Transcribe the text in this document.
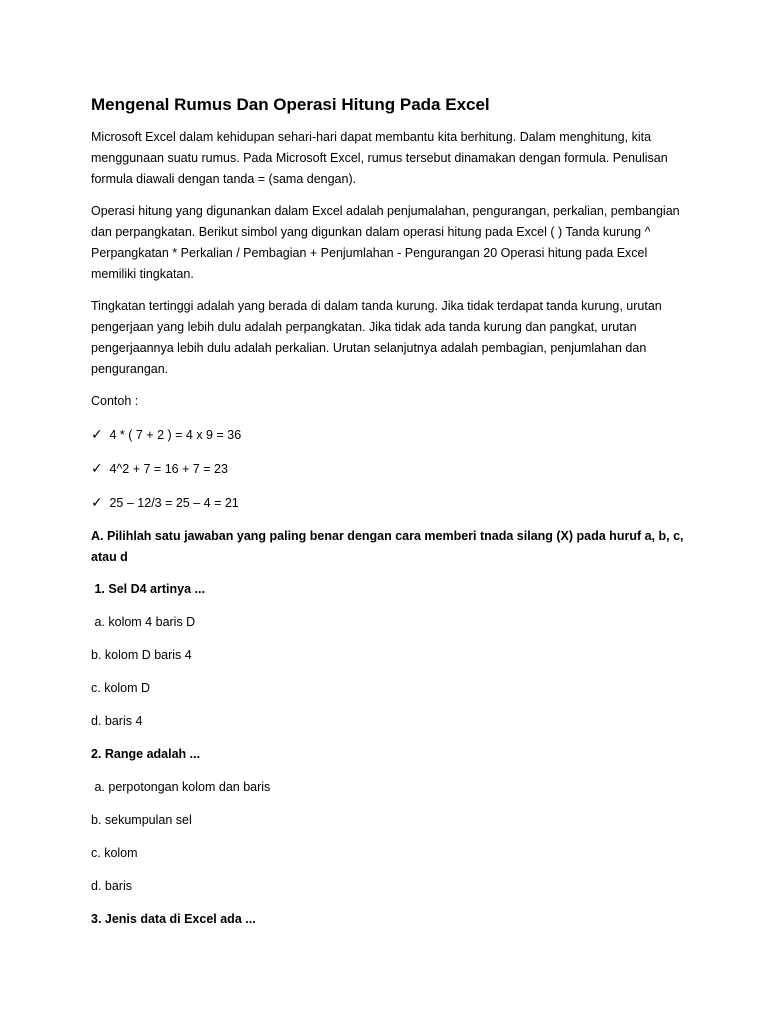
Mengenal Rumus Dan Operasi Hitung Pada Excel

Microsoft Excel dalam kehidupan sehari-hari dapat membantu kita berhitung. Dalam menghitung, kita menggunaan suatu rumus. Pada Microsoft Excel, rumus tersebut dinamakan dengan formula. Penulisan formula diawali dengan tanda = (sama dengan).

Operasi hitung yang digunankan dalam Excel adalah penjumalahan, pengurangan, perkalian, pembangian dan perpangkatan. Berikut simbol yang digunkan dalam operasi hitung pada Excel ( ) Tanda kurung ^ Perpangkatan * Perkalian / Pembagian + Penjumlahan - Pengurangan 20 Operasi hitung pada Excel memiliki tingkatan.

Tingkatan tertinggi adalah yang berada di dalam tanda kurung. Jika tidak terdapat tanda kurung, urutan pengerjaan yang lebih dulu adalah perpangkatan. Jika tidak ada tanda kurung dan pangkat, urutan pengerjaannya lebih dulu adalah perkalian. Urutan selanjutnya adalah pembagian, penjumlahan dan pengurangan.

Contoh :
✓ 4 * ( 7 + 2 ) = 4 x 9 = 36
✓ 4^2 + 7 = 16 + 7 = 23
✓ 25 – 12/3 = 25 – 4 = 21

A. Pilihlah satu jawaban yang paling benar dengan cara memberi tnada silang (X) pada huruf a, b, c, atau d

1. Sel D4 artinya ...
a. kolom 4 baris D
b. kolom D baris 4
c. kolom D
d. baris 4
2. Range adalah ...
a. perpotongan kolom dan baris
b. sekumpulan sel
c. kolom
d. baris
3. Jenis data di Excel ada ...
